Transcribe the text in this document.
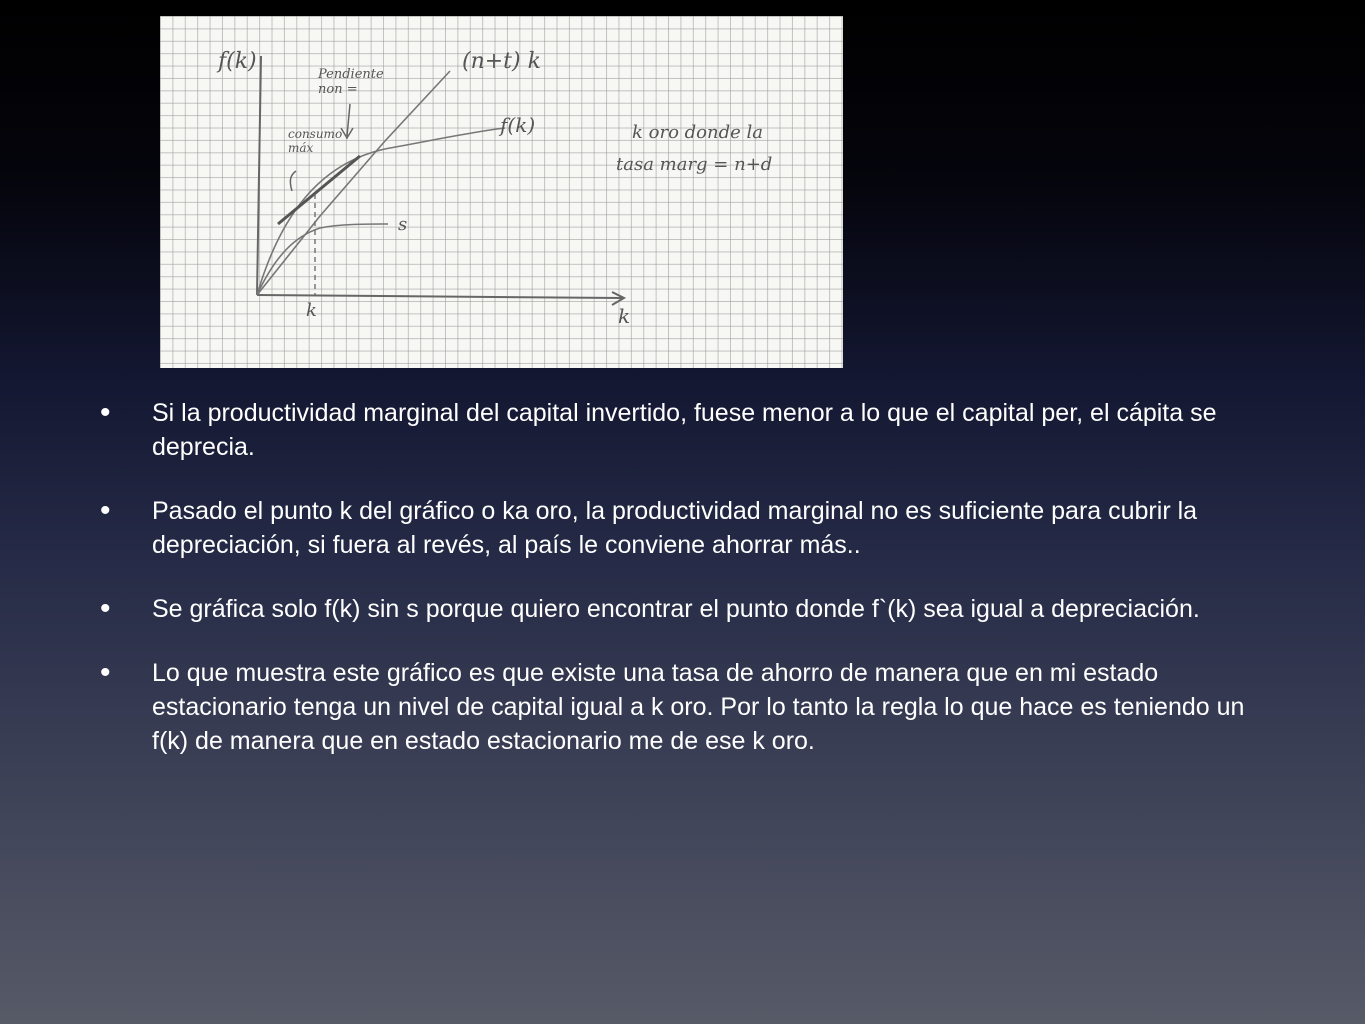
f(k)
k
k
(n+t) k
f(k)
s
Pendiente non =
consumo máx
k oro donde la tasa marg = n+d
• Si la productividad marginal del capital invertido, fuese menor a lo que el capital per, el cápita se deprecia.
• Pasado el punto k del gráfico o ka oro, la productividad marginal no es suficiente para cubrir la depreciación, si fuera al revés, al país le conviene ahorrar más..
• Se gráfica solo f(k) sin s porque quiero encontrar el punto donde f`(k) sea igual a depreciación.
• Lo que muestra este gráfico es que existe una tasa de ahorro de manera que en mi estado estacionario tenga un nivel de capital igual a k oro. Por lo tanto la regla lo que hace es teniendo un f(k) de manera que en estado estacionario me de ese k oro.
